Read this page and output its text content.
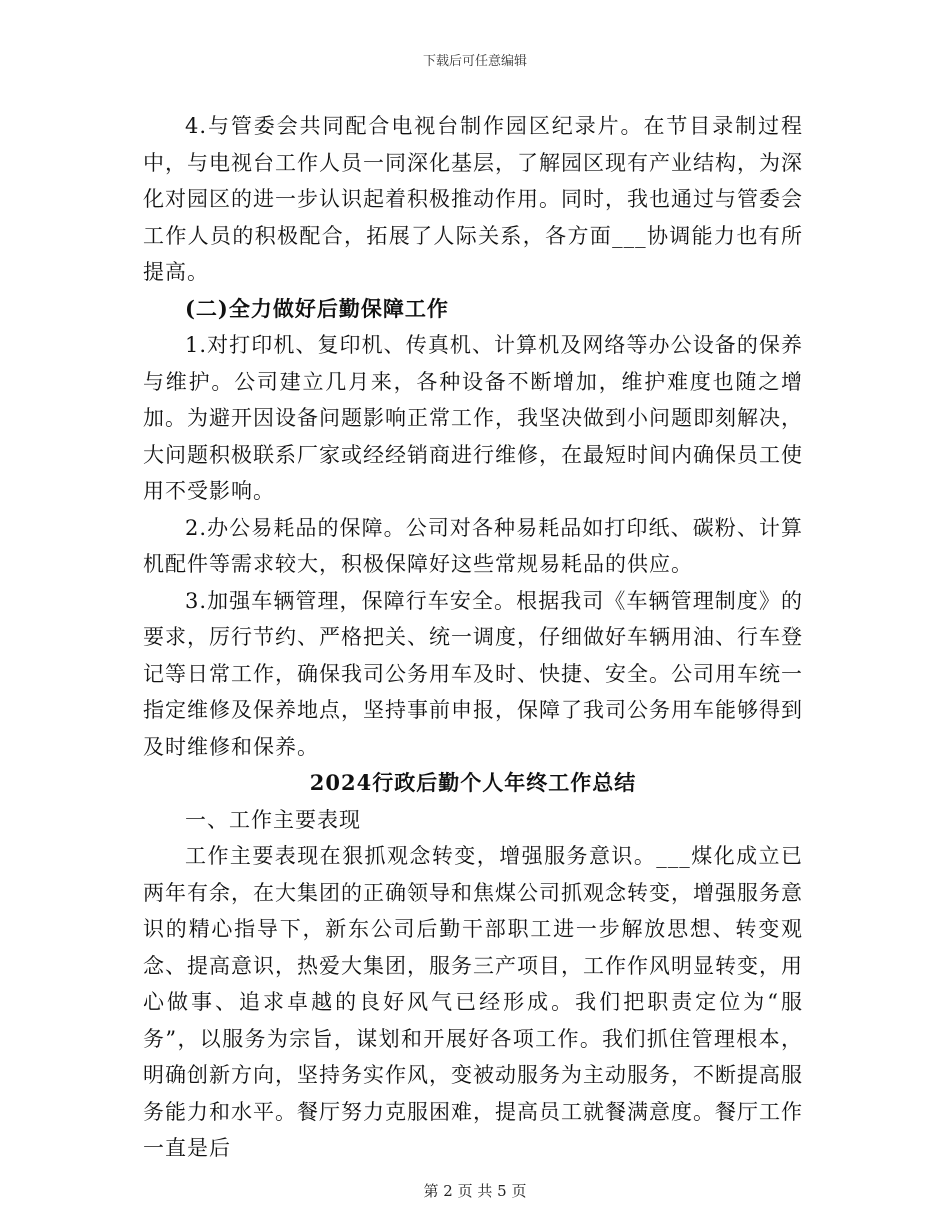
下载后可任意编辑

4.与管委会共同配合电视台制作园区纪录片。在节目录制过程中，与电视台工作人员一同深化基层，了解园区现有产业结构，为深化对园区的进一步认识起着积极推动作用。同时，我也通过与管委会工作人员的积极配合，拓展了人际关系，各方面___协调能力也有所提高。

(二)全力做好后勤保障工作

1.对打印机、复印机、传真机、计算机及网络等办公设备的保养与维护。公司建立几月来，各种设备不断增加，维护难度也随之增加。为避开因设备问题影响正常工作，我坚决做到小问题即刻解决，大问题积极联系厂家或经经销商进行维修，在最短时间内确保员工使用不受影响。

2.办公易耗品的保障。公司对各种易耗品如打印纸、碳粉、计算机配件等需求较大，积极保障好这些常规易耗品的供应。

3.加强车辆管理，保障行车安全。根据我司《车辆管理制度》的要求，厉行节约、严格把关、统一调度，仔细做好车辆用油、行车登记等日常工作，确保我司公务用车及时、快捷、安全。公司用车统一指定维修及保养地点，坚持事前申报，保障了我司公务用车能够得到及时维修和保养。

2024行政后勤个人年终工作总结

一、工作主要表现

工作主要表现在狠抓观念转变，增强服务意识。___煤化成立已两年有余，在大集团的正确领导和焦煤公司抓观念转变，增强服务意识的精心指导下，新东公司后勤干部职工进一步解放思想、转变观念、提高意识，热爱大集团，服务三产项目，工作作风明显转变，用心做事、追求卓越的良好风气已经形成。我们把职责定位为“服务”，以服务为宗旨，谋划和开展好各项工作。我们抓住管理根本，明确创新方向，坚持务实作风，变被动服务为主动服务，不断提高服务能力和水平。餐厅努力克服困难，提高员工就餐满意度。餐厅工作一直是后

第 2 页 共 5 页
